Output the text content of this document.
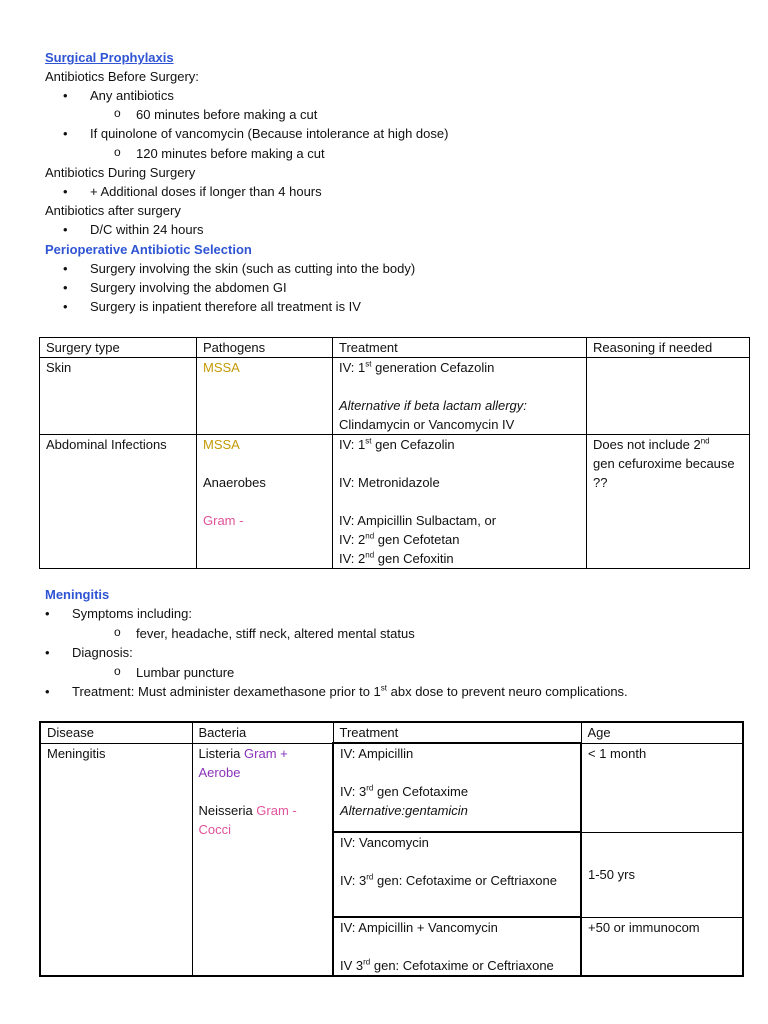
Surgical Prophylaxis
Antibiotics Before Surgery:
• Any antibiotics
o 60 minutes before making a cut
• If quinolone of vancomycin (Because intolerance at high dose)
o 120 minutes before making a cut
Antibiotics During Surgery
• + Additional doses if longer than 4 hours
Antibiotics after surgery
• D/C within 24 hours
Perioperative Antibiotic Selection
• Surgery involving the skin (such as cutting into the body)
• Surgery involving the abdomen GI
• Surgery is inpatient therefore all treatment is IV
Surgery type	Pathogens	Treatment	Reasoning if needed

Skin	MSSA	IV: 1st generation Cefazolin
Alternative if beta lactam allergy:
Clindamycin or Vancomycin IV	

Abdominal Infections	MSSA
Anaerobes
Gram -	IV: 1st gen Cefazolin
IV: Metronidazole
IV: Ampicillin Sulbactam, or
IV: 2nd gen Cefotetan
IV: 2nd gen Cefoxitin	Does not include 2nd
gen cefuroxime because
??
Meningitis
• Symptoms including:
o fever, headache, stiff neck, altered mental status
• Diagnosis:
o Lumbar puncture
• Treatment: Must administer dexamethasone prior to 1st abx dose to prevent neuro complications.
Disease	Bacteria	Treatment	Age

Meningitis	Listeria Gram +
Aerobe
Neisseria Gram -
Cocci	IV: Ampicillin
IV: 3rd gen Cefotaxime
Alternative:gentamicin	< 1 month

		IV: Vancomycin
IV: 3rd gen: Cefotaxime or Ceftriaxone	1-50 yrs

		IV: Ampicillin + Vancomycin
IV 3rd gen: Cefotaxime or Ceftriaxone	+50 or immunocom
